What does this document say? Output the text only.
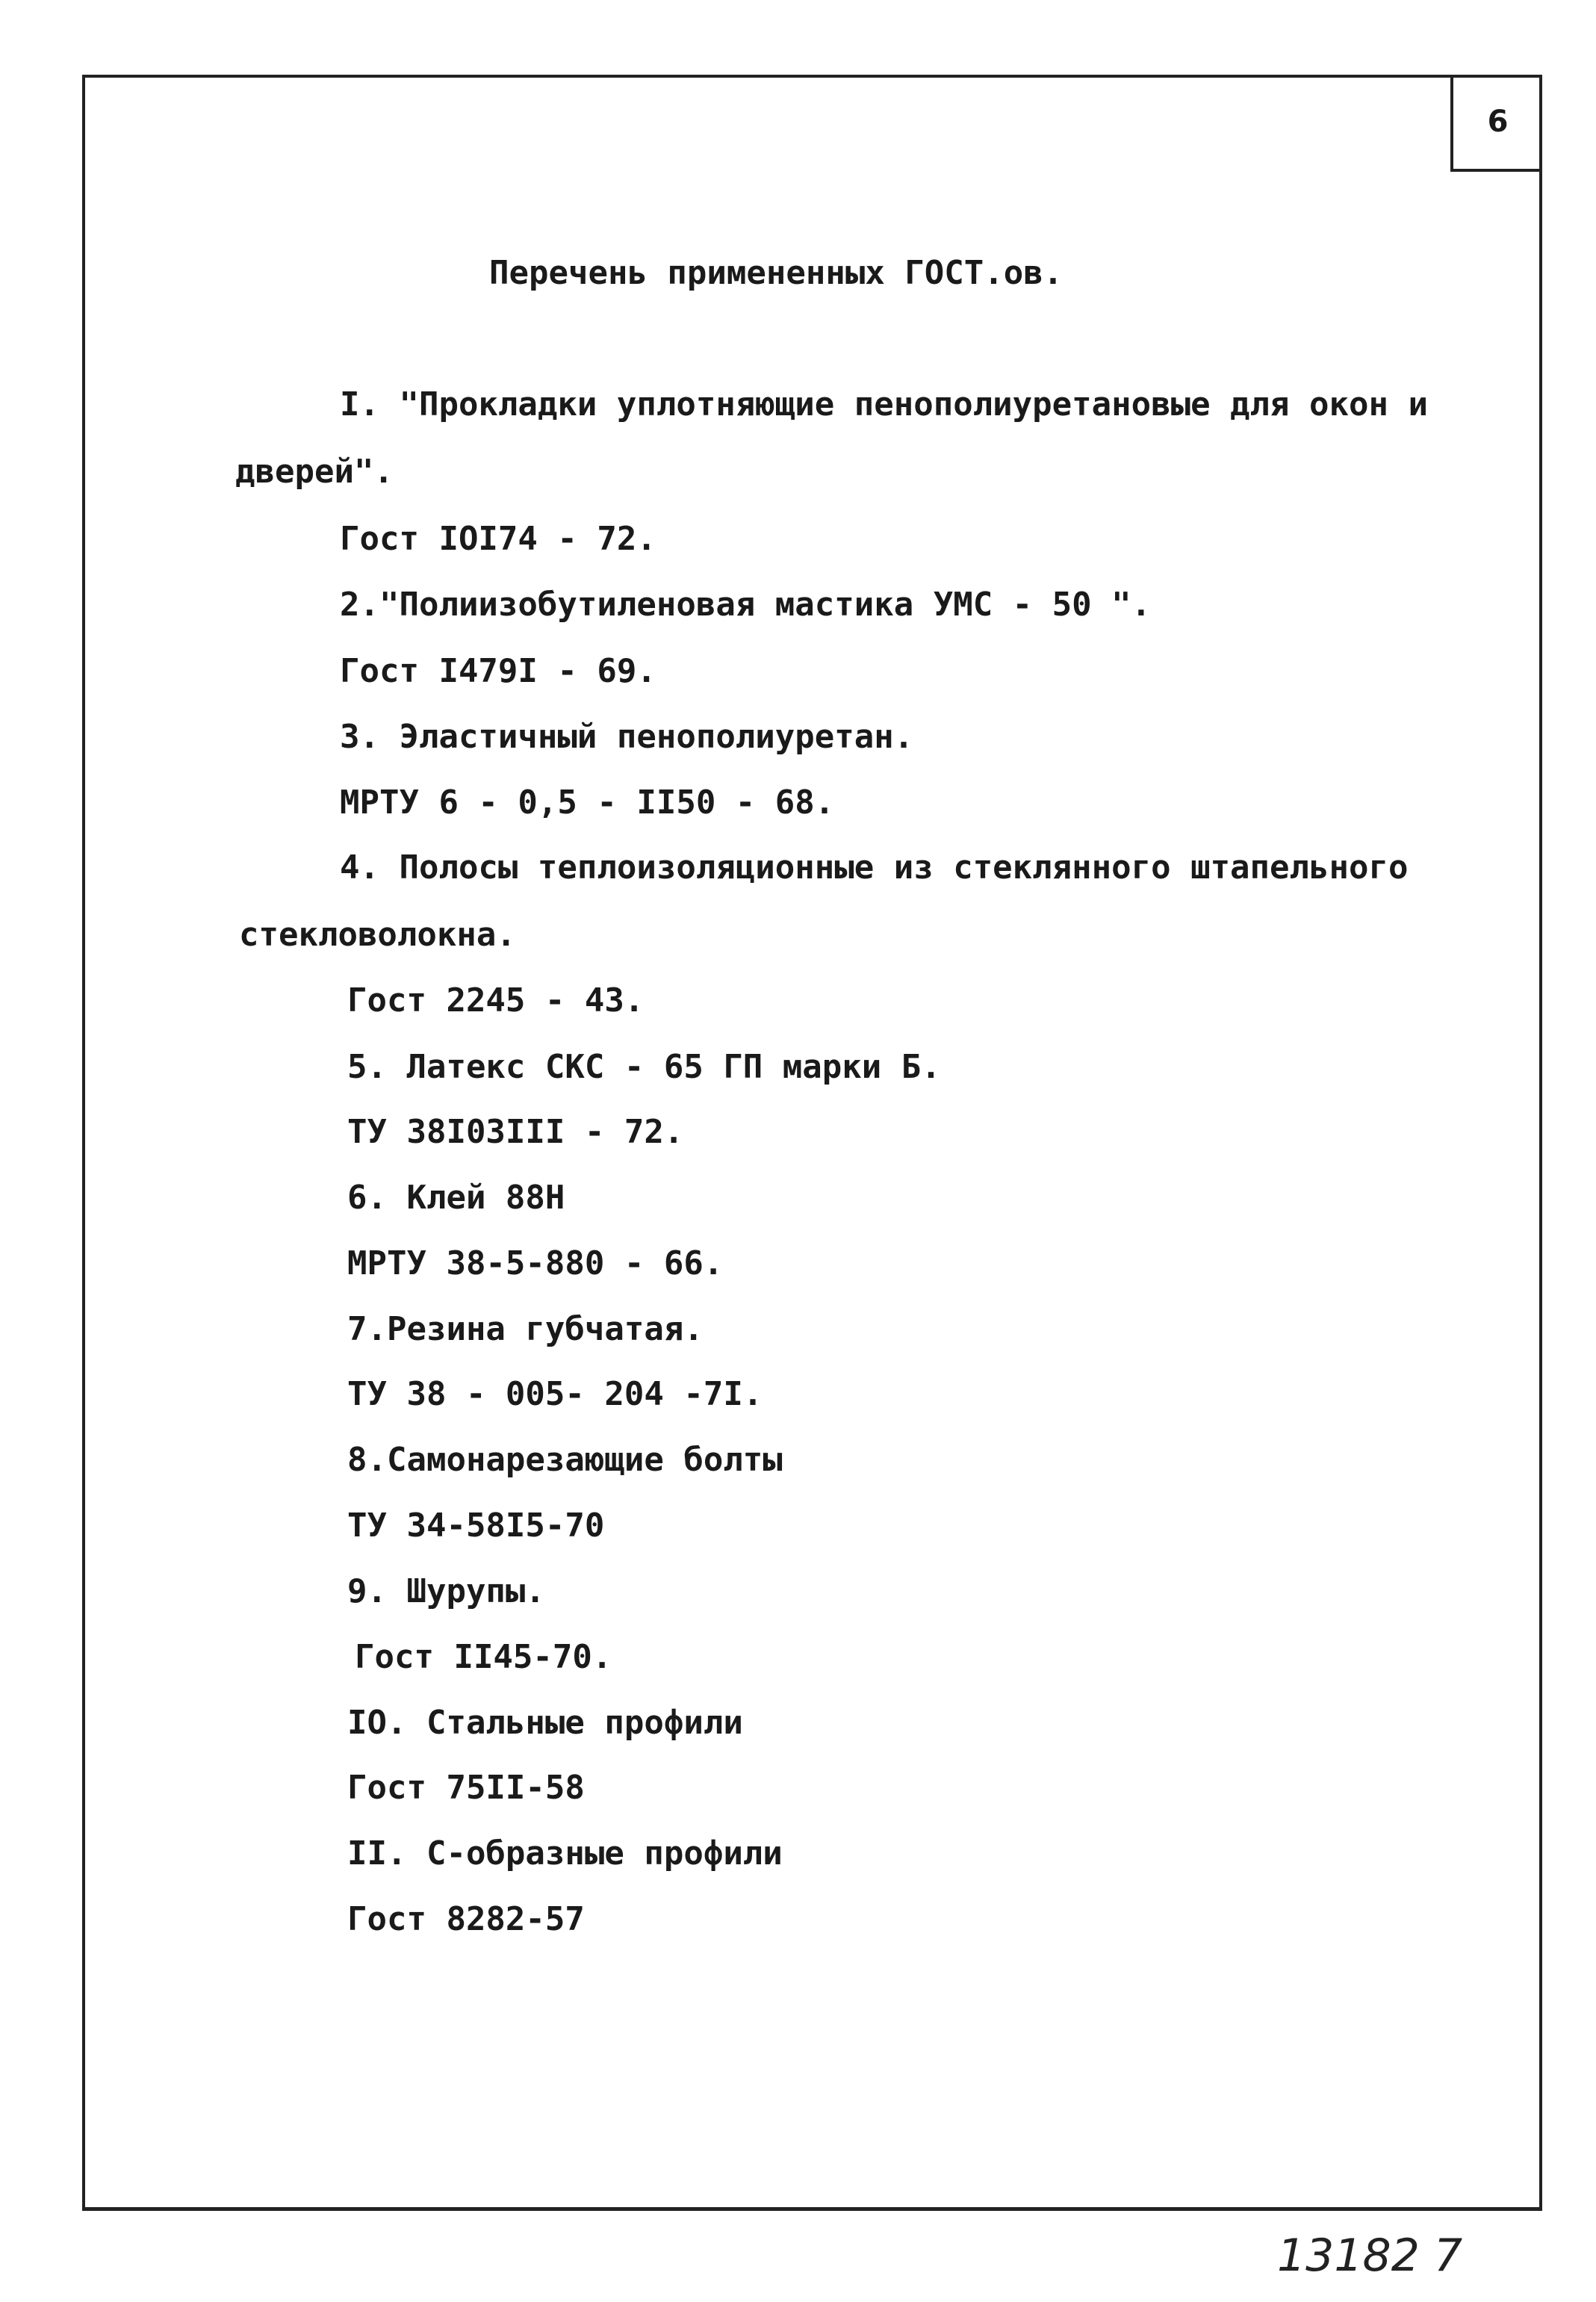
6
Перечень примененных ГОСТ.ов.
I. "Прокладки уплотняющие пенополиуретановые для окон и
дверей".
Гост IOI74 - 72.
2."Полиизобутиленовая мастика УМС - 50 ".
Гост I479I - 69.
3. Эластичный пенополиуретан.
МРТУ 6 - 0,5 - II50 - 68.
4. Полосы теплоизоляционные из стеклянного штапельного
стекловолокна.
Гост 2245 - 43.
5. Латекс СКС - 65 ГП марки Б.
ТУ 38I03III - 72.
6. Клей 88Н
МРТУ 38-5-880 - 66.
7.Резина губчатая.
ТУ 38 - 005- 204 -7I.
8.Самонарезающие болты
ТУ 34-58I5-70
9. Шурупы.
Гост II45-70.
IO. Стальные профили
Гост 75II-58
II. С-образные профили
Гост 8282-57
13182 7
